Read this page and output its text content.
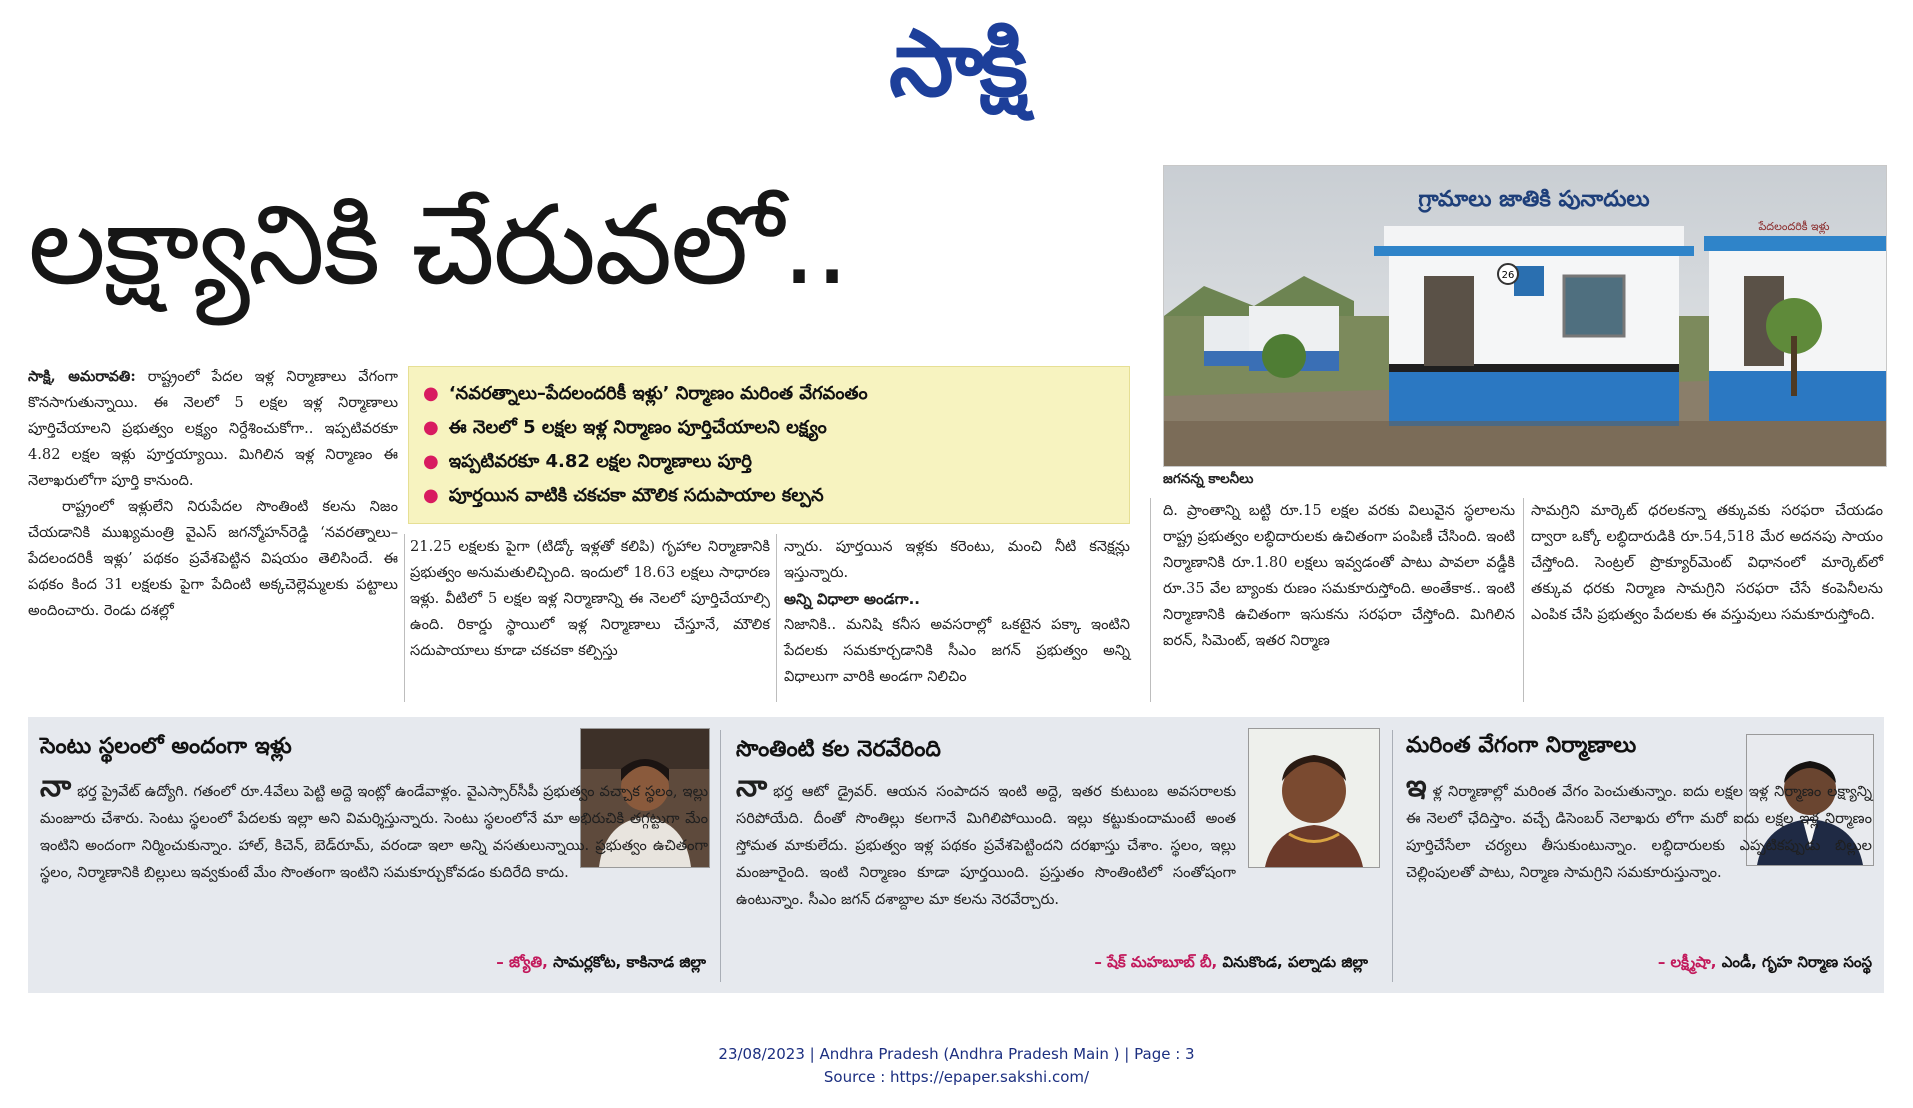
సాక్షి
లక్ష్యానికి చేరువలో..	26
గ్రామాలు జాతికి పునాదులు
పేదలందరికీ ఇళ్లు
జగనన్న కాలనీలు
● ‘నవరత్నాలు–పేదలందరికీ ఇళ్లు’ నిర్మాణం మరింత వేగవంతం
● ఈ నెలలో 5 లక్షల ఇళ్ల నిర్మాణం పూర్తిచేయాలని లక్ష్యం
● ఇప్పటివరకూ 4.82 లక్షల నిర్మాణాలు పూర్తి
● పూర్తయిన వాటికి చకచకా మౌలిక సదుపాయాల కల్పన

సాక్షి, అమరావతి: రాష్ట్రంలో పేదల ఇళ్ల నిర్మాణాలు వేగంగా కొనసాగుతున్నాయి. ఈ నెలలో 5 లక్షల ఇళ్ల నిర్మాణాలు పూర్తిచేయాలని ప్రభుత్వం లక్ష్యం నిర్దేశించుకోగా.. ఇప్పటివరకూ 4.82 లక్షల ఇళ్లు పూర్తయ్యాయి. మిగిలిన ఇళ్ల నిర్మాణం ఈ నెలాఖరులోగా పూర్తి కానుంది.

రాష్ట్రంలో ఇళ్లులేని నిరుపేదల సొంతింటి కలను నిజం చేయడానికి ముఖ్యమంత్రి వైఎస్ జగన్మోహన్‌రెడ్డి ‘నవరత్నాలు–పేదలందరికీ ఇళ్లు’ పథకం ప్రవేశపెట్టిన విషయం తెలిసిందే. ఈ పథకం కింద 31 లక్షలకు పైగా పేదింటి అక్కచెల్లెమ్మలకు పట్టాలు అందించారు. రెండు దశల్లో

21.25 లక్షలకు పైగా (టిడ్కో ఇళ్లతో కలిపి) గృహాల నిర్మాణానికి ప్రభుత్వం అనుమతులిచ్చింది. ఇందులో 18.63 లక్షలు సాధారణ ఇళ్లు. వీటిలో 5 లక్షల ఇళ్ల నిర్మాణాన్ని ఈ నెలలో పూర్తిచేయాల్సి ఉంది. రికార్డు స్థాయిలో ఇళ్ల నిర్మాణాలు చేస్తూనే, మౌలిక సదుపాయాలు కూడా చకచకా కల్పిస్తు

న్నారు. పూర్తయిన ఇళ్లకు కరెంటు, మంచి నీటి కనెక్షన్లు ఇస్తున్నారు.

అన్ని విధాలా అండగా..

నిజానికి.. మనిషి కనీస అవసరాల్లో ఒకటైన పక్కా ఇంటిని పేదలకు సమకూర్చడానికి సీఎం జగన్ ప్రభుత్వం అన్ని విధాలుగా వారికి అండగా నిలిచిం

ది. ప్రాంతాన్ని బట్టి రూ.15 లక్షల వరకు విలువైన స్థలాలను రాష్ట్ర ప్రభుత్వం లబ్ధిదారులకు ఉచితంగా పంపిణీ చేసింది. ఇంటి నిర్మాణానికి రూ.1.80 లక్షలు ఇవ్వడంతో పాటు పావలా వడ్డీకి రూ.35 వేల బ్యాంకు రుణం సమకూరుస్తోంది. అంతేకాక.. ఇంటి నిర్మాణానికి ఉచితంగా ఇసుకను సరఫరా చేస్తోంది. మిగిలిన ఐరన్, సిమెంట్, ఇతర నిర్మాణ

సామగ్రిని మార్కెట్ ధరలకన్నా తక్కువకు సరఫరా చేయడం ద్వారా ఒక్కో లబ్ధిదారుడికి రూ.54,518 మేర అదనపు సాయం చేస్తోంది. సెంట్రల్ ప్రొక్యూర్‌మెంట్ విధానంలో మార్కెట్‌లో తక్కువ ధరకు నిర్మాణ సామగ్రిని సరఫరా చేసే కంపెనీలను ఎంపిక చేసి ప్రభుత్వం పేదలకు ఈ వస్తువులు సమకూరుస్తోంది.

సెంటు స్థలంలో అందంగా ఇళ్లు
నాభర్త ప్రైవేట్ ఉద్యోగి. గతంలో రూ.4వేలు పెట్టి అద్దె ఇంట్లో ఉండేవాళ్లం. వైఎస్సార్‌సీపీ ప్రభుత్వం వచ్చాక స్థలం, ఇల్లు మంజూరు చేశారు. సెంటు స్థలంలో పేదలకు ఇల్లా అని విమర్శిస్తున్నారు. సెంటు స్థలంలోనే మా అభిరుచికి తగ్గట్టుగా మేం ఇంటిని అందంగా నిర్మించుకున్నాం. హాల్, కిచెన్, బెడ్‌రూమ్, వరండా ఇలా అన్ని వసతులున్నాయి. ప్రభుత్వం ఉచితంగా స్థలం, నిర్మాణానికి బిల్లులు ఇవ్వకుంటే మేం సొంతంగా ఇంటిని సమకూర్చుకోవడం కుదిరేది కాదు.
– జ్యోతి, సామర్లకోట, కాకినాడ జిల్లా
సొంతింటి కల నెరవేరింది
నాభర్త ఆటో డ్రైవర్. ఆయన సంపాదన ఇంటి అద్దె, ఇతర కుటుంబ అవసరాలకు సరిపోయేది. దీంతో సొంతిల్లు కలగానే మిగిలిపోయింది. ఇల్లు కట్టుకుందామంటే అంత స్తోమత మాకులేదు. ప్రభుత్వం ఇళ్ల పథకం ప్రవేశపెట్టిందని దరఖాస్తు చేశాం. స్థలం, ఇల్లు మంజూరైంది. ఇంటి నిర్మాణం కూడా పూర్తయింది. ప్రస్తుతం సొంతింటిలో సంతోషంగా ఉంటున్నాం. సీఎం జగన్ దశాబ్దాల మా కలను నెరవేర్చారు.
– షేక్ మహబూబ్ బీ, వినుకొండ, పల్నాడు జిల్లా
మరింత వేగంగా నిర్మాణాలు
ఇళ్ల నిర్మాణాల్లో మరింత వేగం పెంచుతున్నాం. ఐదు లక్షల ఇళ్ల నిర్మాణం లక్ష్యాన్ని ఈ నెలలో ఛేదిస్తాం. వచ్చే డిసెంబర్ నెలాఖరు లోగా మరో ఐదు లక్షల ఇళ్ల నిర్మాణం పూర్తిచేసేలా చర్యలు తీసుకుంటున్నాం. లబ్ధిదారులకు ఎప్పటికప్పుడు బిల్లుల చెల్లింపులతో పాటు, నిర్మాణ సామగ్రిని సమకూరుస్తున్నాం.
– లక్ష్మీషా, ఎండీ, గృహ నిర్మాణ సంస్థ
23/08/2023 | Andhra Pradesh (Andhra Pradesh Main ) | Page : 3
Source : https://epaper.sakshi.com/
